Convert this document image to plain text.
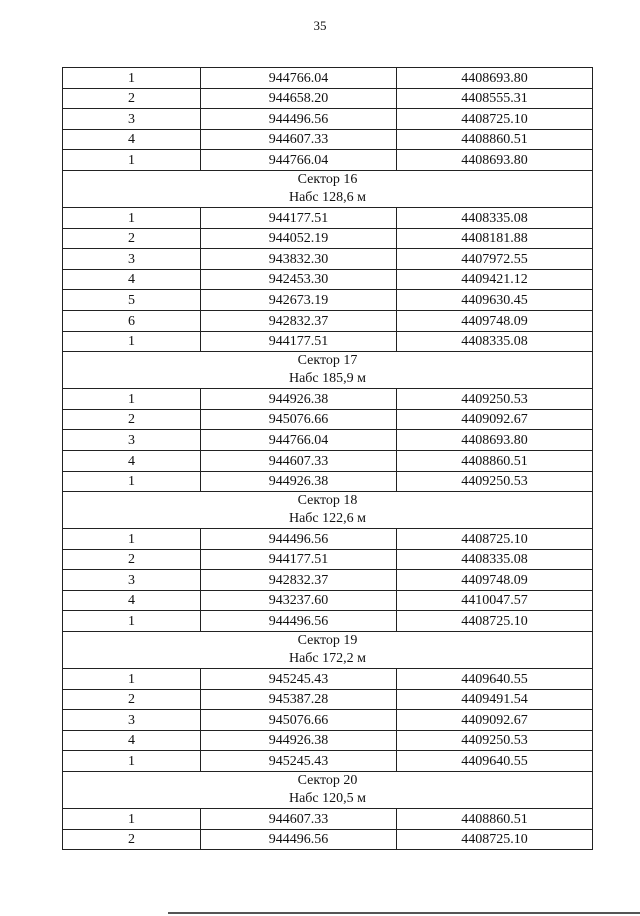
35
1	944766.04	4408693.80
2	944658.20	4408555.31
3	944496.56	4408725.10
4	944607.33	4408860.51
1	944766.04	4408693.80

Сектор 16
Набс 128,6 м		

1	944177.51	4408335.08
2	944052.19	4408181.88
3	943832.30	4407972.55
4	942453.30	4409421.12
5	942673.19	4409630.45
6	942832.37	4409748.09
1	944177.51	4408335.08

Сектор 17
Набс 185,9 м		

1	944926.38	4409250.53
2	945076.66	4409092.67
3	944766.04	4408693.80
4	944607.33	4408860.51
1	944926.38	4409250.53

Сектор 18
Набс 122,6 м		

1	944496.56	4408725.10
2	944177.51	4408335.08
3	942832.37	4409748.09
4	943237.60	4410047.57
1	944496.56	4408725.10

Сектор 19
Набс 172,2 м		

1	945245.43	4409640.55
2	945387.28	4409491.54
3	945076.66	4409092.67
4	944926.38	4409250.53
1	945245.43	4409640.55

Сектор 20
Набс 120,5 м		

1	944607.33	4408860.51
2	944496.56	4408725.10
